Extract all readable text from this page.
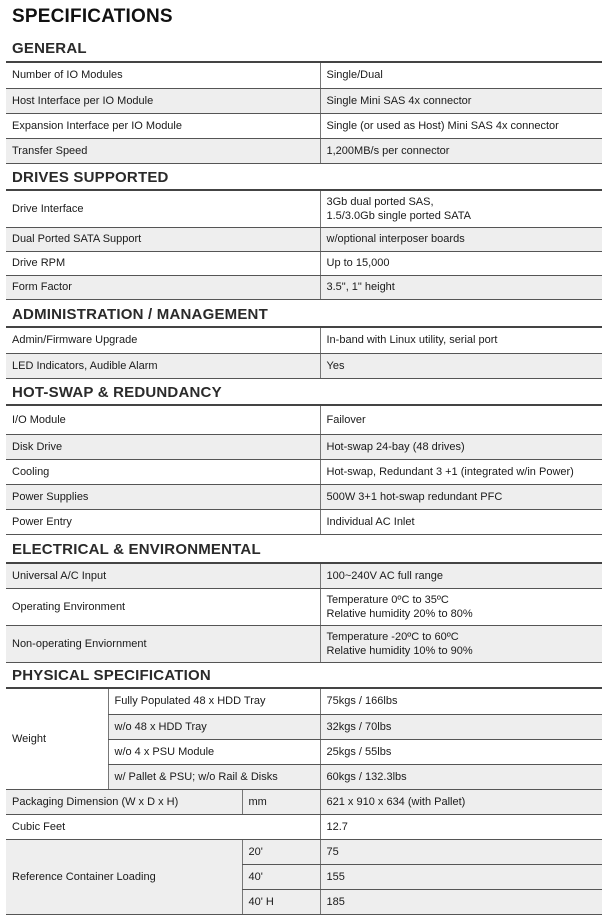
SPECIFICATIONS
GENERAL
Number of IO Modules	Single/Dual
Host Interface per IO Module	Single Mini SAS 4x connector
Expansion Interface per IO Module	Single (or used as Host) Mini SAS 4x connector
Transfer Speed	1,200MB/s per connector
DRIVES SUPPORTED
Drive Interface	3Gb dual ported SAS,
1.5/3.0Gb single ported SATA

Dual Ported SATA Support	w/optional interposer boards
Drive RPM	Up to 15,000
Form Factor	3.5", 1" height
ADMINISTRATION / MANAGEMENT
Admin/Firmware Upgrade	In-band with Linux utility, serial port
LED Indicators, Audible Alarm	Yes
HOT-SWAP & REDUNDANCY
I/O Module	Failover
Disk Drive	Hot-swap 24-bay (48 drives)
Cooling	Hot-swap, Redundant 3 +1 (integrated w/in Power)
Power Supplies	500W 3+1 hot-swap redundant PFC
Power Entry	Individual AC Inlet
ELECTRICAL & ENVIRONMENTAL
Universal A/C Input	100~240V AC full range
Operating Environment	Temperature 0ºC to 35ºC
Relative humidity 20% to 80%

Non-operating Enviornment	Temperature -20ºC to 60ºC
Relative humidity 10% to 90%
PHYSICAL SPECIFICATION
Weight	Fully Populated 48 x HDD Tray		75kgs / 166lbs
	w/o 48 x HDD Tray		32kgs / 70lbs
	w/o 4 x PSU Module		25kgs / 55lbs
	w/ Pallet & PSU; w/o Rail & Disks		60kgs / 132.3lbs
Packaging Dimension (W x D x H)		mm	621 x 910 x 634 (with Pallet)
Cubic Feet			12.7
Reference Container Loading		20'	75
		40'	155
		40' H	185
